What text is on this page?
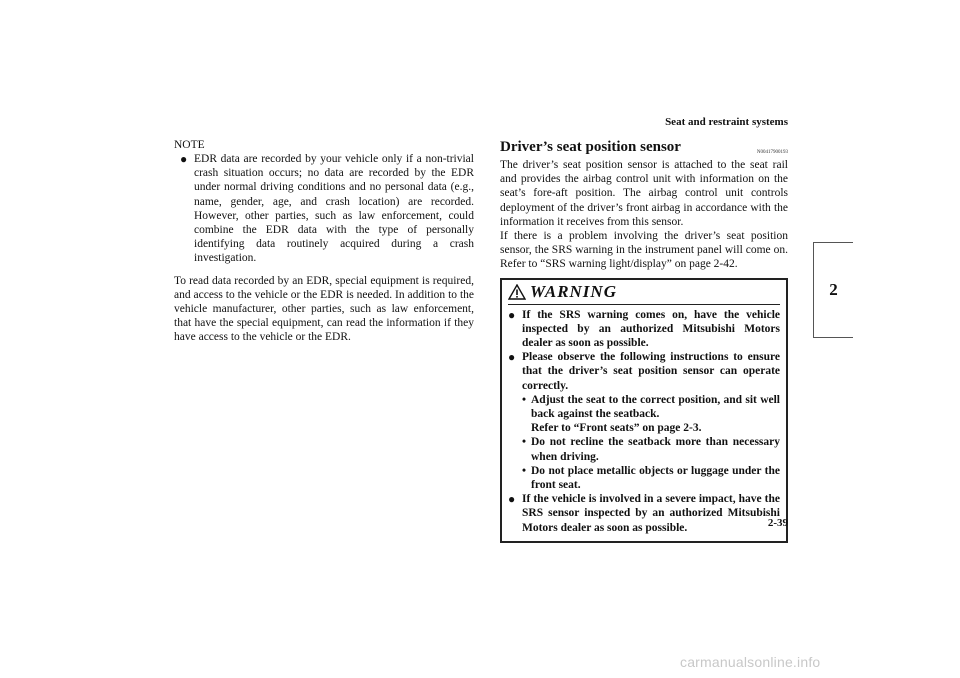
Seat and restraint systems
2
NOTE
● EDR data are recorded by your vehicle only if a non-trivial crash situation occurs; no data are recorded by the EDR under normal driving conditions and no personal data (e.g., name, gender, age, and crash location) are recorded. However, other parties, such as law enforcement, could combine the EDR data with the type of personally identifying data routinely acquired during a crash investigation.

To read data recorded by an EDR, special equipment is required, and access to the vehicle or the EDR is needed. In addition to the vehicle manufacturer, other parties, such as law enforcement, that have the special equipment, can read the information if they have access to the vehicle or the EDR.

Driver’s seat position sensor	N00417900193

The driver’s seat position sensor is attached to the seat rail and provides the airbag control unit with information on the seat’s fore-aft position. The airbag control unit controls deployment of the driver’s front airbag in accordance with the information it receives from this sensor.

If there is a problem involving the driver’s seat position sensor, the SRS warning in the instrument panel will come on. Refer to “SRS warning light/display” on page 2-42.

WARNING
● If the SRS warning comes on, have the vehicle inspected by an authorized Mitsubishi Motors dealer as soon as possible.
● Please observe the following instructions to ensure that the driver’s seat position sensor can operate correctly.
• Adjust the seat to the correct position, and sit well back against the seatback.
Refer to “Front seats” on page 2-3.
• Do not recline the seatback more than necessary when driving.
• Do not place metallic objects or luggage under the front seat.
● If the vehicle is involved in a severe impact, have the SRS sensor inspected by an authorized Mitsubishi Motors dealer as soon as possible.	2-39
carmanualsonline.info
